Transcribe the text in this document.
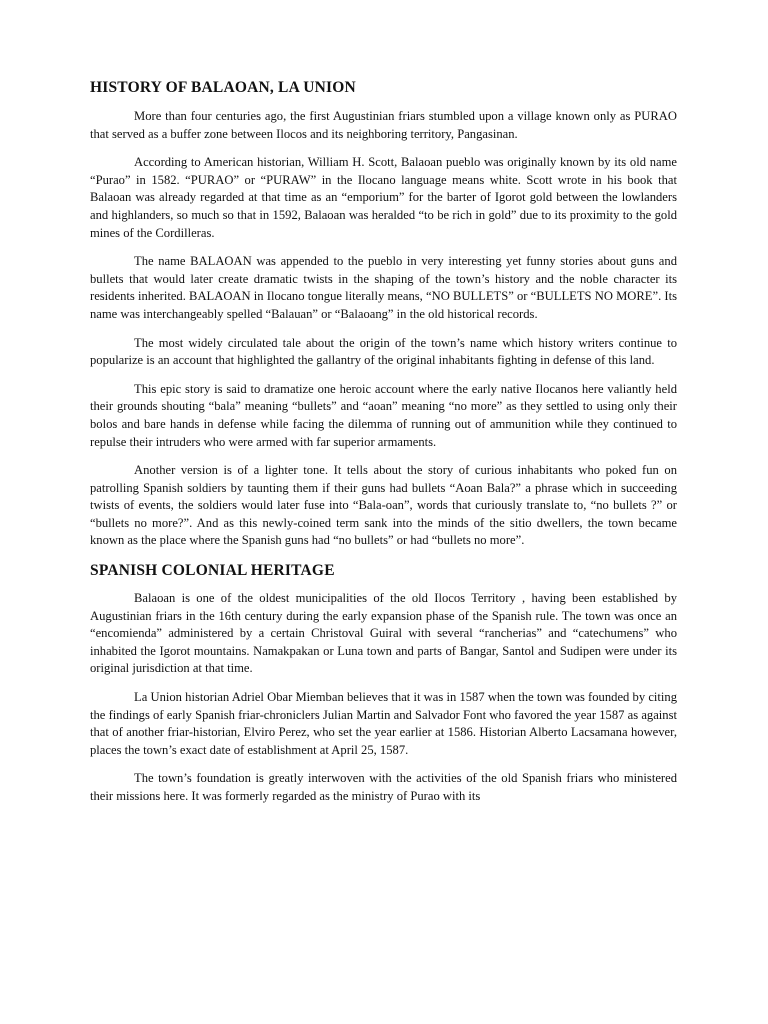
HISTORY OF BALAOAN, LA UNION

More than four centuries ago, the first Augustinian friars stumbled upon a village known only as PURAO that served as a buffer zone between Ilocos and its neighboring territory, Pangasinan.

According to American historian, William H. Scott, Balaoan pueblo was originally known by its old name “Purao” in 1582. “PURAO” or “PURAW” in the Ilocano language means white. Scott wrote in his book that Balaoan was already regarded at that time as an “emporium” for the barter of Igorot gold between the lowlanders and highlanders, so much so that in 1592, Balaoan was heralded “to be rich in gold” due to its proximity to the gold mines of the Cordilleras.

The name BALAOAN was appended to the pueblo in very interesting yet funny stories about guns and bullets that would later create dramatic twists in the shaping of the town’s history and the noble character its residents inherited. BALAOAN in Ilocano tongue literally means, “NO BULLETS” or “BULLETS NO MORE”. Its name was interchangeably spelled “Balauan” or “Balaoang” in the old historical records.

The most widely circulated tale about the origin of the town’s name which history writers continue to popularize is an account that highlighted the gallantry of the original inhabitants fighting in defense of this land.

This epic story is said to dramatize one heroic account where the early native Ilocanos here valiantly held their grounds shouting “bala” meaning “bullets” and “aoan” meaning “no more” as they settled to using only their bolos and bare hands in defense while facing the dilemma of running out of ammunition while they continued to repulse their intruders who were armed with far superior armaments.

Another version is of a lighter tone. It tells about the story of curious inhabitants who poked fun on patrolling Spanish soldiers by taunting them if their guns had bullets “Aoan Bala?” a phrase which in succeeding twists of events, the soldiers would later fuse into “Bala-oan”, words that curiously translate to, “no bullets ?” or “bullets no more?”. And as this newly-coined term sank into the minds of the sitio dwellers, the town became known as the place where the Spanish guns had “no bullets” or had “bullets no more”.

SPANISH COLONIAL HERITAGE

Balaoan is one of the oldest municipalities of the old Ilocos Territory , having been established by Augustinian friars in the 16th century during the early expansion phase of the Spanish rule. The town was once an “encomienda” administered by a certain Christoval Guiral with several “rancherias” and “catechumens” who inhabited the Igorot mountains. Namakpakan or Luna town and parts of Bangar, Santol and Sudipen were under its original jurisdiction at that time.

La Union historian Adriel Obar Miemban believes that it was in 1587 when the town was founded by citing the findings of early Spanish friar-chroniclers Julian Martin and Salvador Font who favored the year 1587 as against that of another friar-historian, Elviro Perez, who set the year earlier at 1586. Historian Alberto Lacsamana however, places the town’s exact date of establishment at April 25, 1587.

The town’s foundation is greatly interwoven with the activities of the old Spanish friars who ministered their missions here. It was formerly regarded as the ministry of Purao with its
